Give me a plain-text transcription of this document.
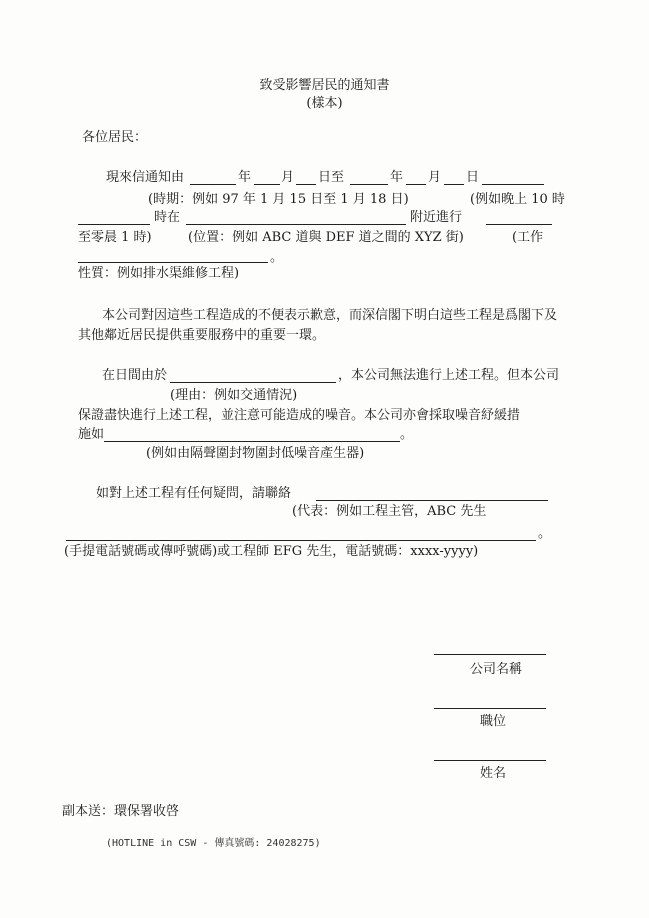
致受影響居民的通知書
(樣本)
各位居民：
現來信通知由	年 月 日至	年 月 日
(時期：例如 97 年 1 月 15 日至 1 月 18 日)	(例如晚上 10 時
時在	附近進行
至零晨 1 時)	(位置：例如 ABC 道與 DEF 道之間的 XYZ 街)	(工作
。
性質：例如排水渠維修工程)
本公司對因這些工程造成的不便表示歉意，而深信閣下明白這些工程是爲閣下及
其他鄰近居民提供重要服務中的重要一環。
在日間由於	，本公司無法進行上述工程。但本公司
(理由：例如交通情況)
保證盡快進行上述工程，並注意可能造成的噪音。本公司亦會採取噪音紓緩措
施如	。
(例如由隔聲圍封物圍封低噪音產生器)
如對上述工程有任何疑問，請聯絡
(代表：例如工程主管，ABC 先生
。
(手提電話號碼或傳呼號碼)或工程師 EFG 先生，電話號碼：xxxx-yyyy)
公司名稱
職位
姓名
副本送：環保署收啓
(HOTLINE in CSW - 傳真號碼: 24028275)
